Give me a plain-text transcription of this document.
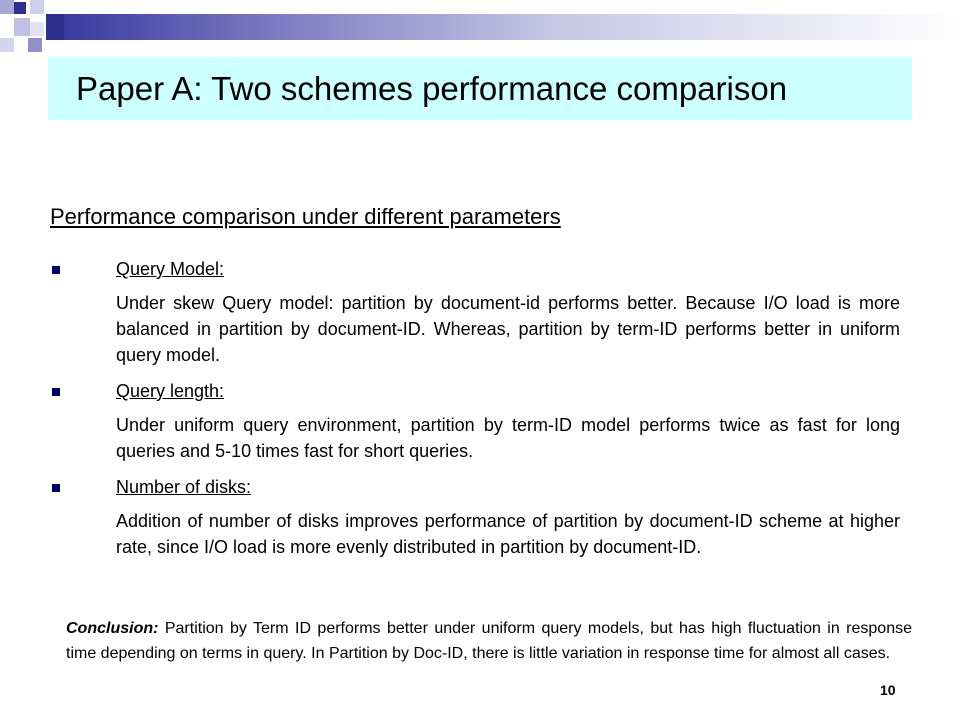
Paper A: Two schemes performance comparison
Performance comparison under different parameters
Query Model:
Under skew Query model: partition by document-id performs better. Because I/O load is more balanced in partition by document-ID. Whereas, partition by term-ID performs better in uniform query model.
Query length:
Under uniform query environment, partition by term-ID model performs twice as fast for long queries and 5-10 times fast for short queries.
Number of disks:
Addition of number of disks improves performance of partition by document-ID scheme at higher rate, since I/O load is more evenly distributed in partition by document-ID.

Conclusion: Partition by Term ID performs better under uniform query models, but has high fluctuation in response time depending on terms in query. In Partition by Doc-ID, there is little variation in response time for almost all cases.

10
